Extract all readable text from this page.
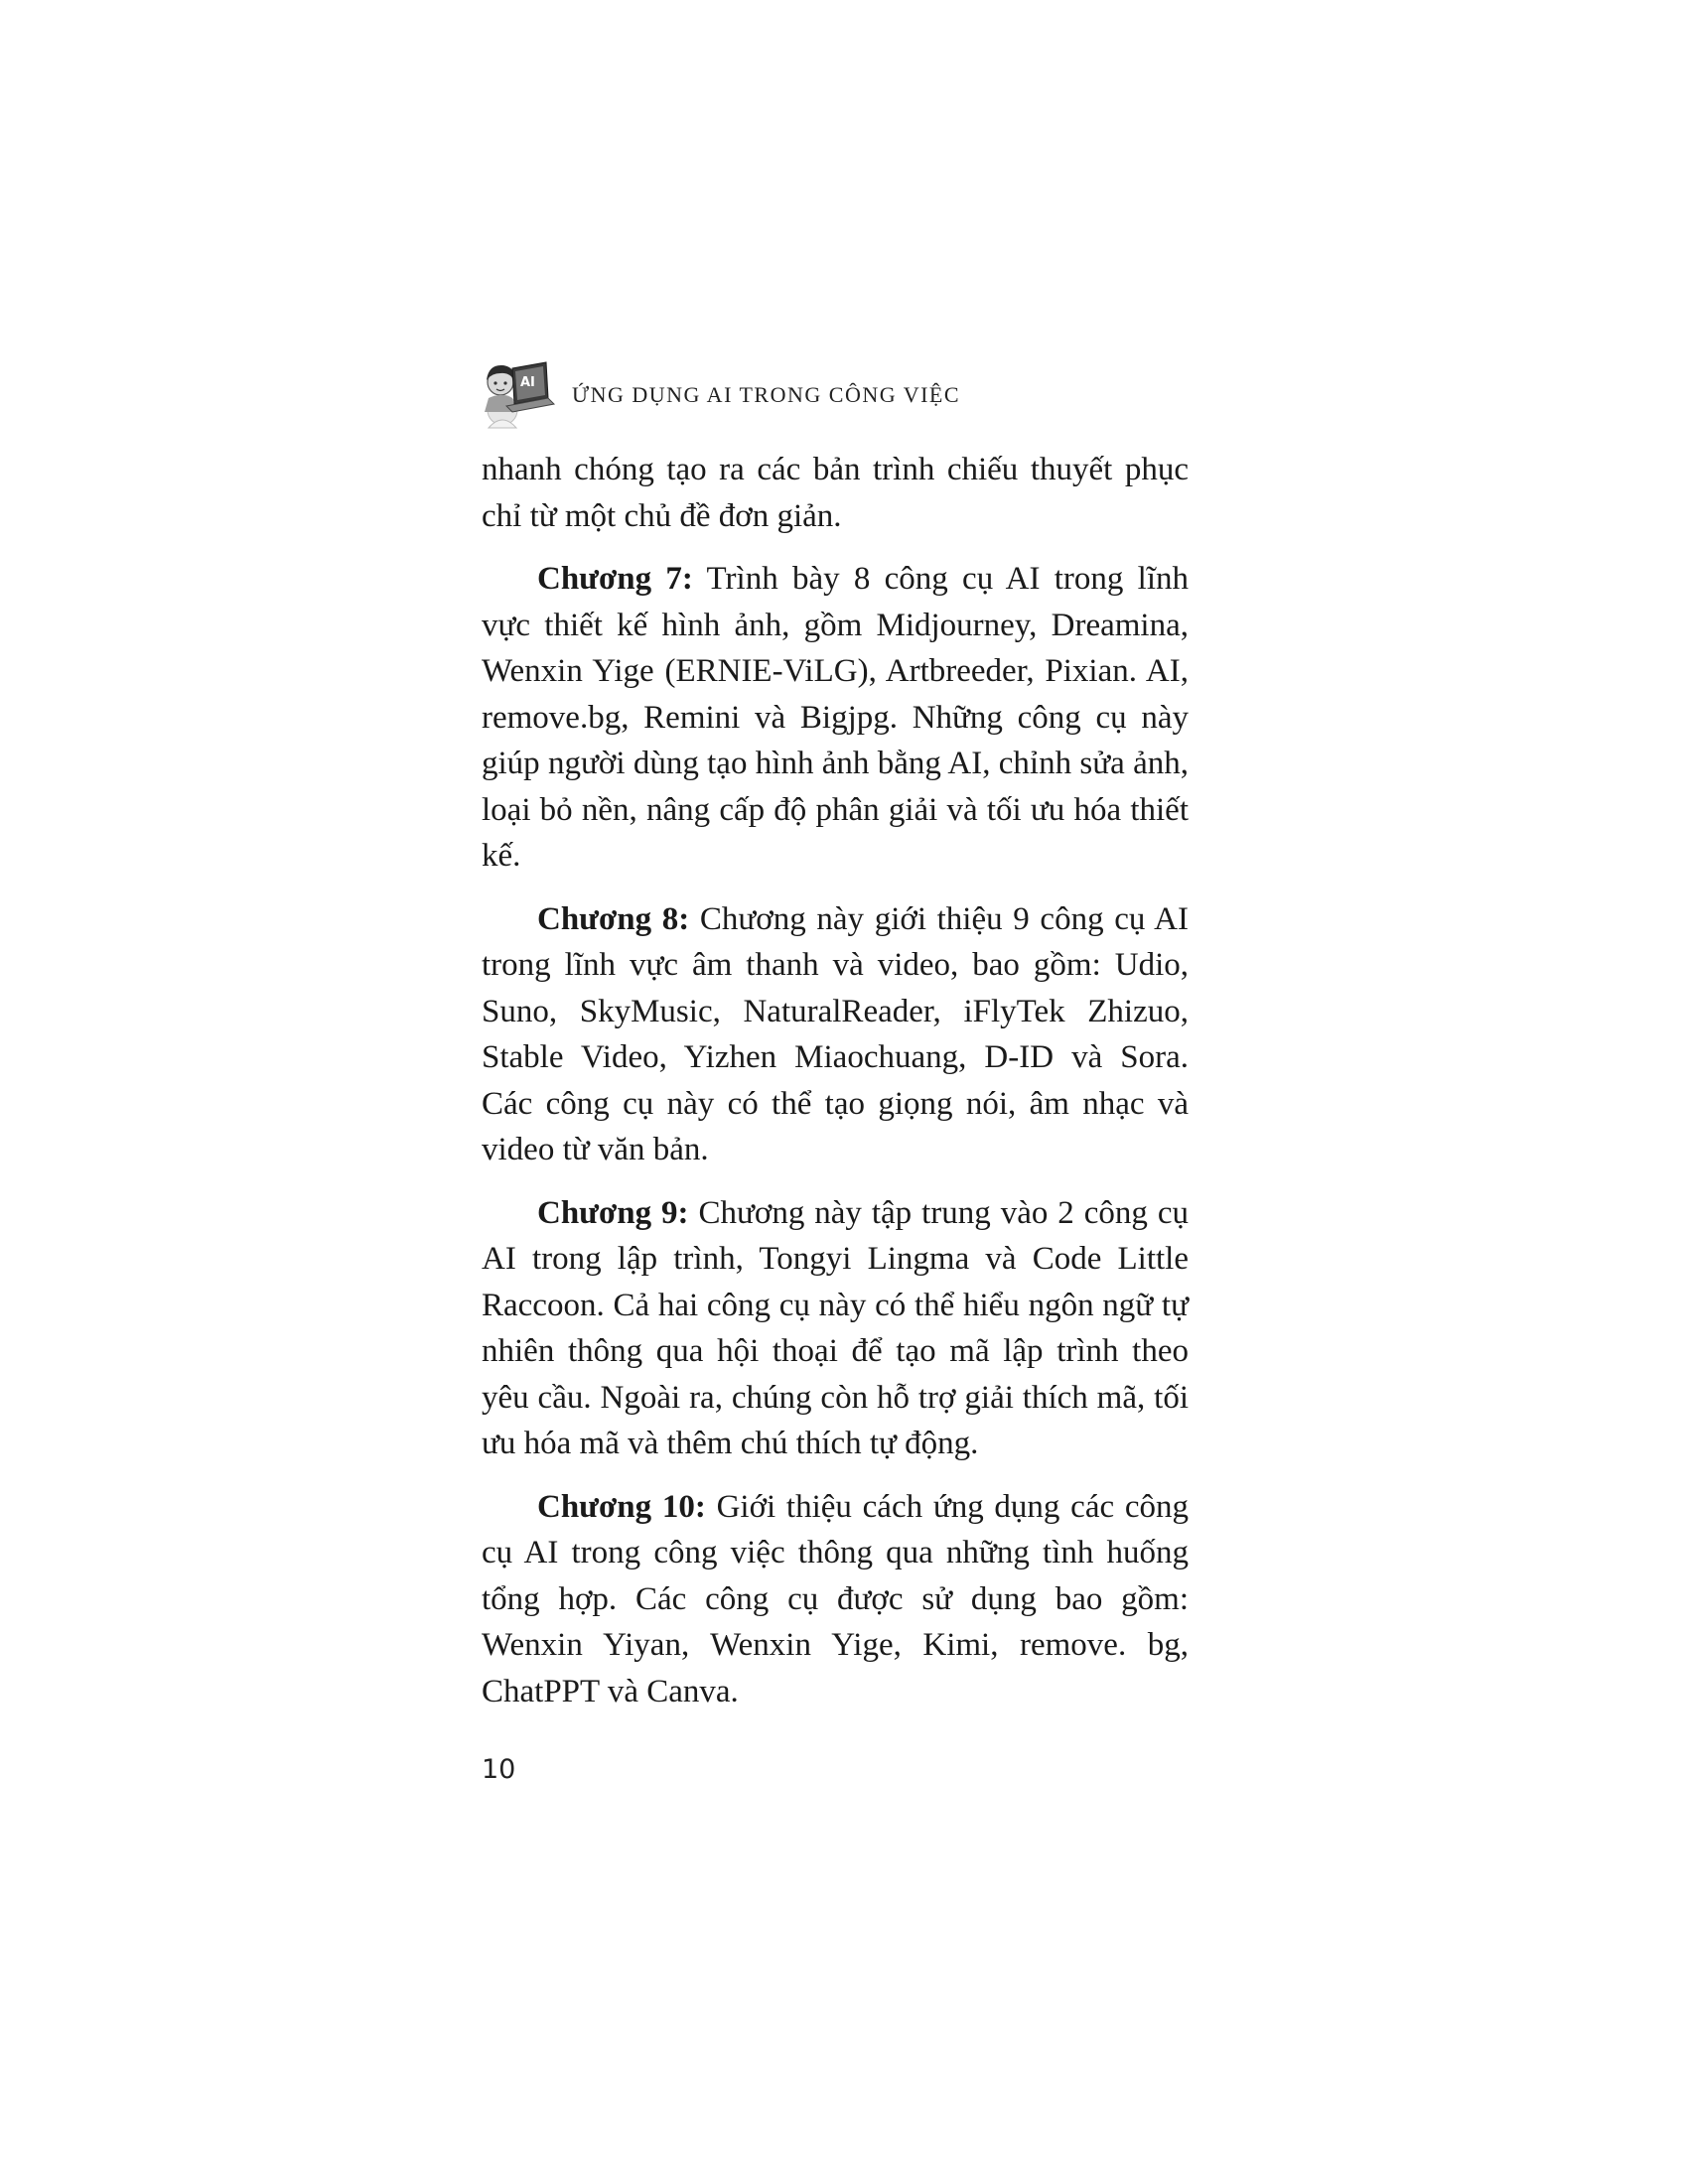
AI ỨNG DỤNG AI TRONG CÔNG VIỆC

nhanh chóng tạo ra các bản trình chiếu thuyết phục chỉ từ một chủ đề đơn giản.

Chương 7: Trình bày 8 công cụ AI trong lĩnh vực thiết kế hình ảnh, gồm Midjourney, Dreamina, Wenxin Yige (ERNIE-ViLG), Artbreeder, Pixian. AI, remove.bg, Remini và Bigjpg. Những công cụ này giúp người dùng tạo hình ảnh bằng AI, chỉnh sửa ảnh, loại bỏ nền, nâng cấp độ phân giải và tối ưu hóa thiết kế.

Chương 8: Chương này giới thiệu 9 công cụ AI trong lĩnh vực âm thanh và video, bao gồm: Udio, Suno, SkyMusic, NaturalReader, iFlyTek Zhizuo, Stable Video, Yizhen Miaochuang, D-ID và Sora. Các công cụ này có thể tạo giọng nói, âm nhạc và video từ văn bản.

Chương 9: Chương này tập trung vào 2 công cụ AI trong lập trình, Tongyi Lingma và Code Little Raccoon. Cả hai công cụ này có thể hiểu ngôn ngữ tự nhiên thông qua hội thoại để tạo mã lập trình theo yêu cầu. Ngoài ra, chúng còn hỗ trợ giải thích mã, tối ưu hóa mã và thêm chú thích tự động.

Chương 10: Giới thiệu cách ứng dụng các công cụ AI trong công việc thông qua những tình huống tổng hợp. Các công cụ được sử dụng bao gồm: Wenxin Yiyan, Wenxin Yige, Kimi, remove. bg, ChatPPT và Canva.

10
